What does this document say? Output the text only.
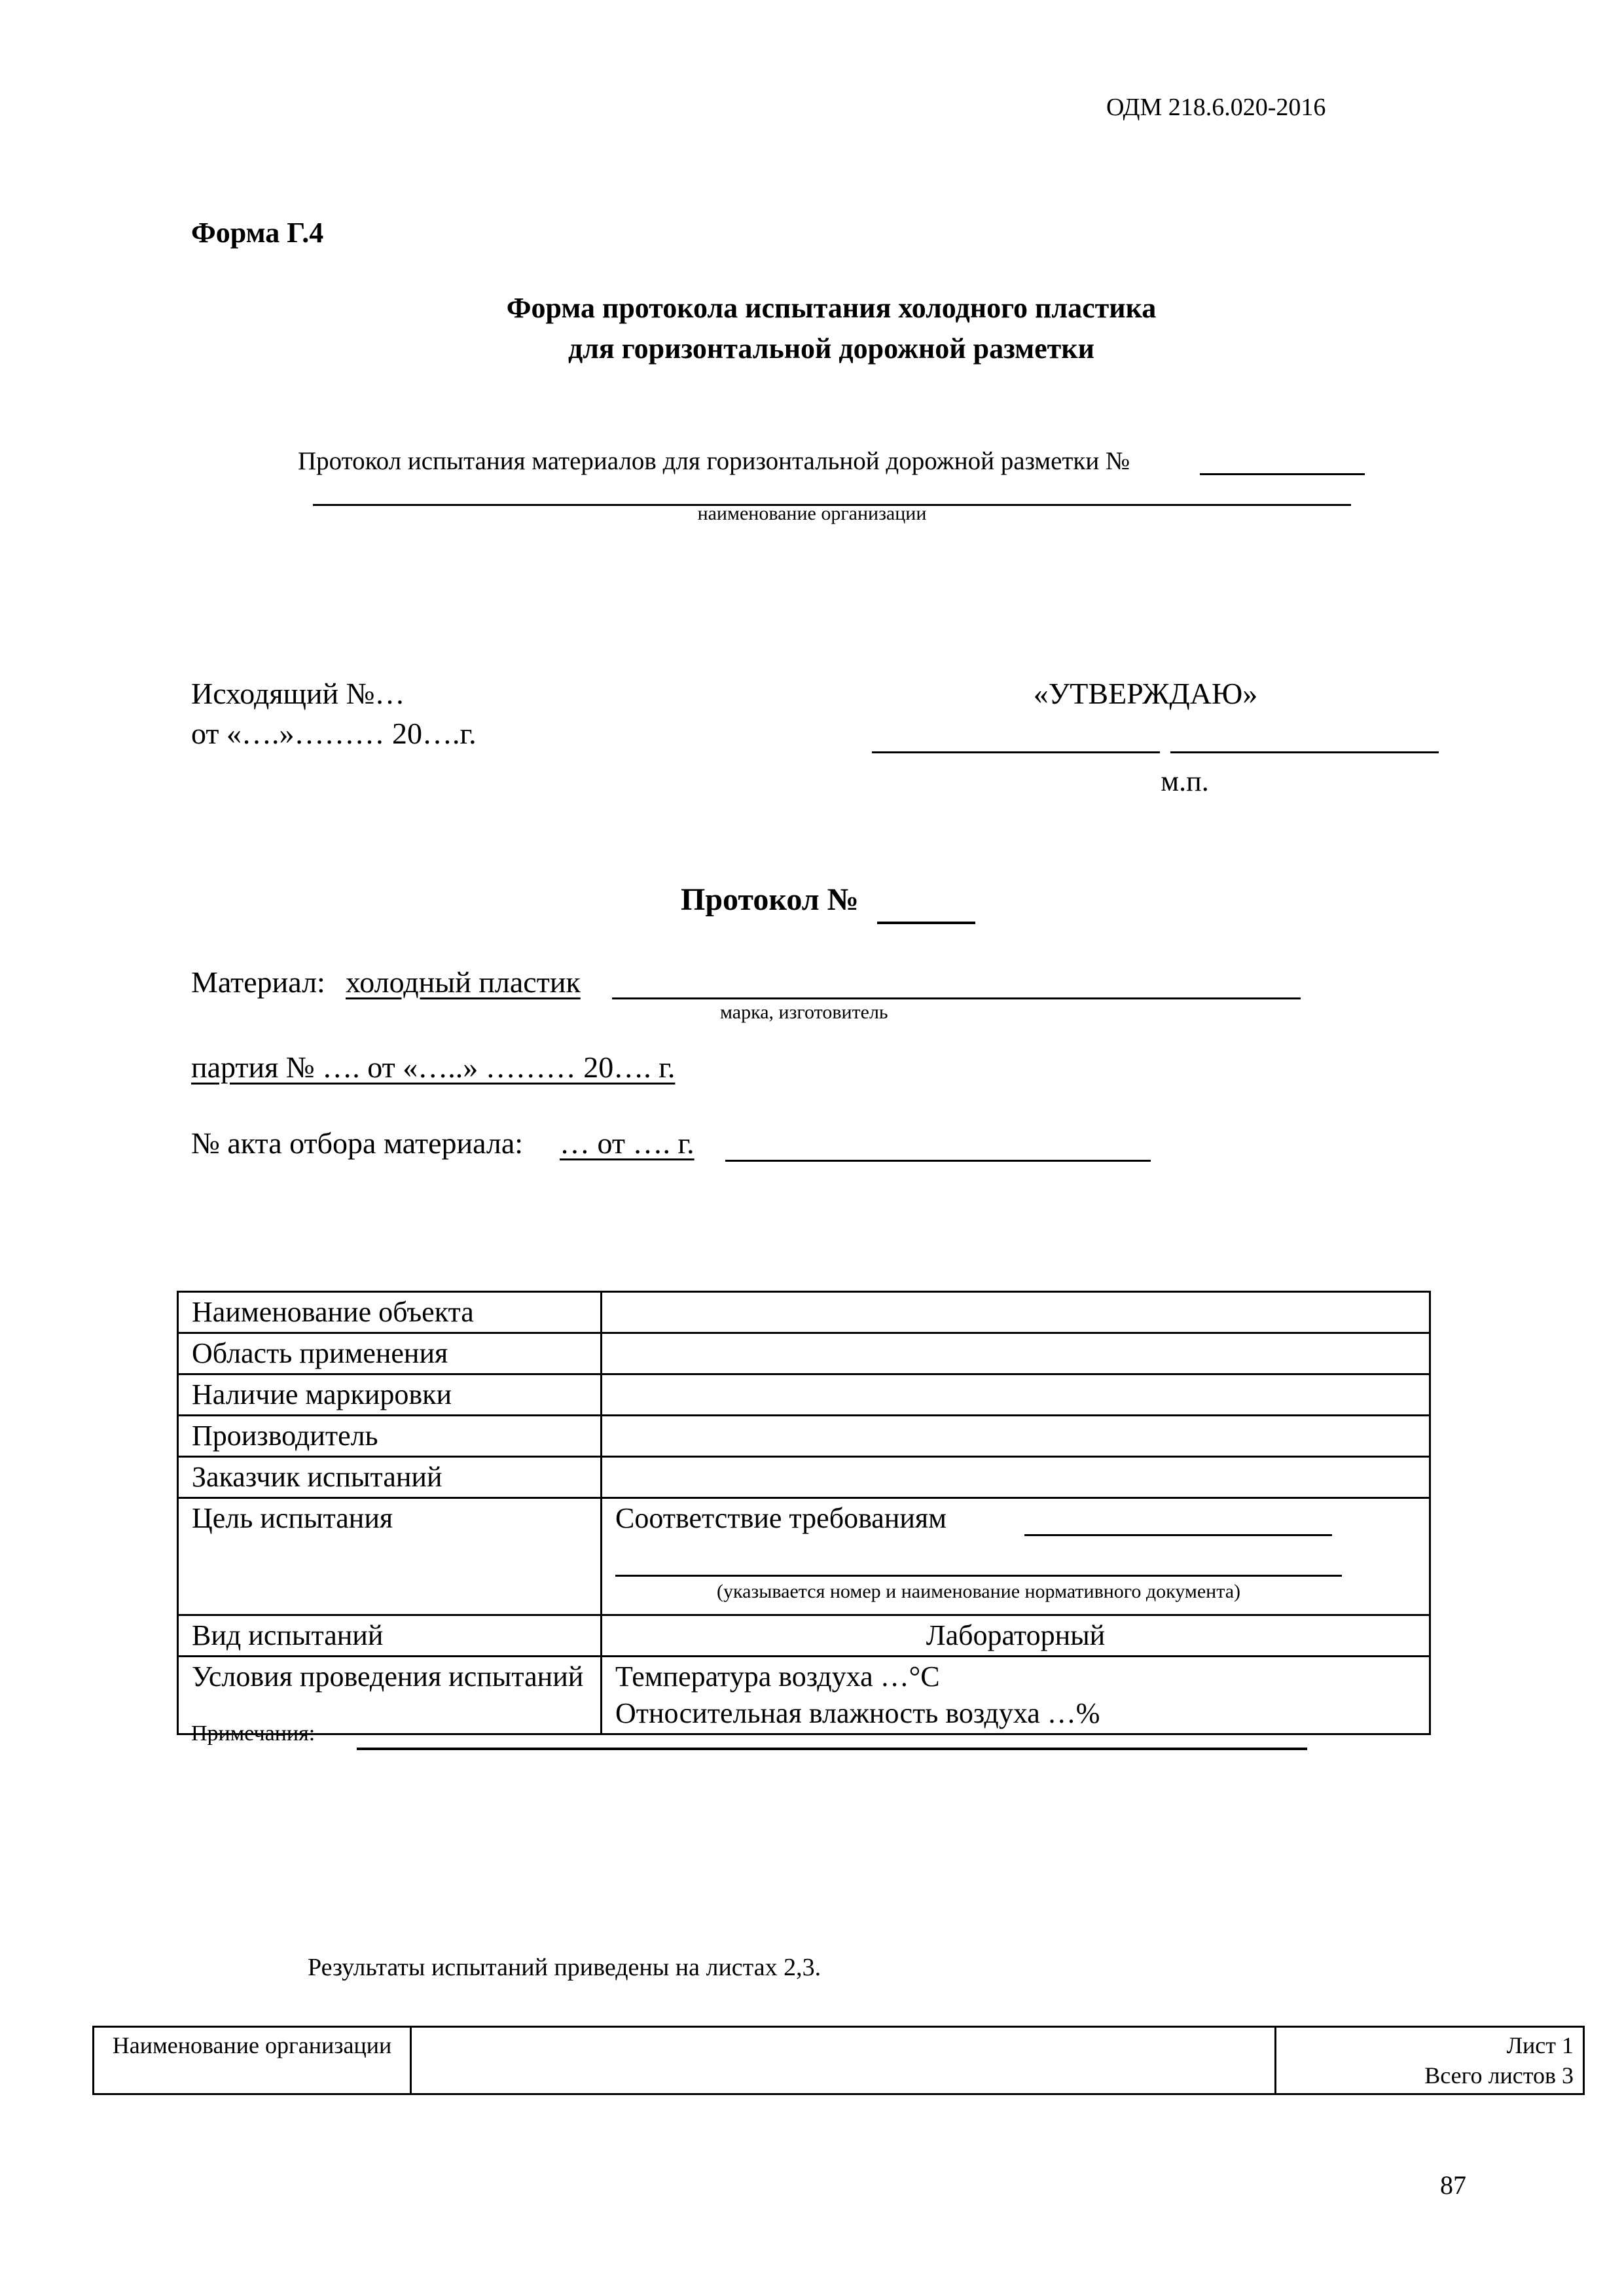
ОДМ 218.6.020-2016
Форма Г.4
Форма протокола испытания холодного пластика
для горизонтальной дорожной разметки
Протокол испытания материалов для горизонтальной дорожной разметки №
наименование организации
Исходящий №…
от «….»……… 20….г.
«УТВЕРЖДАЮ»
м.п.
Протокол №
Материал: холодный пластик
марка, изготовитель
партия № …. от «…..» ……… 20…. г.
№ акта отбора материала: … от …. г.
Наименование объекта	
Область применения	
Наличие маркировки	
Производитель	
Заказчик испытаний	
Цель испытания	Соответствие требованиям
(указывается номер и наименование нормативного документа)

Вид испытаний	Лабораторный
Условия проведения испытаний	Температура воздуха …°С
Относительная влажность воздуха …%
Примечания:
Результаты испытаний приведены на листах 2,3.
Наименование организации		Лист 1
Всего листов 3
87
